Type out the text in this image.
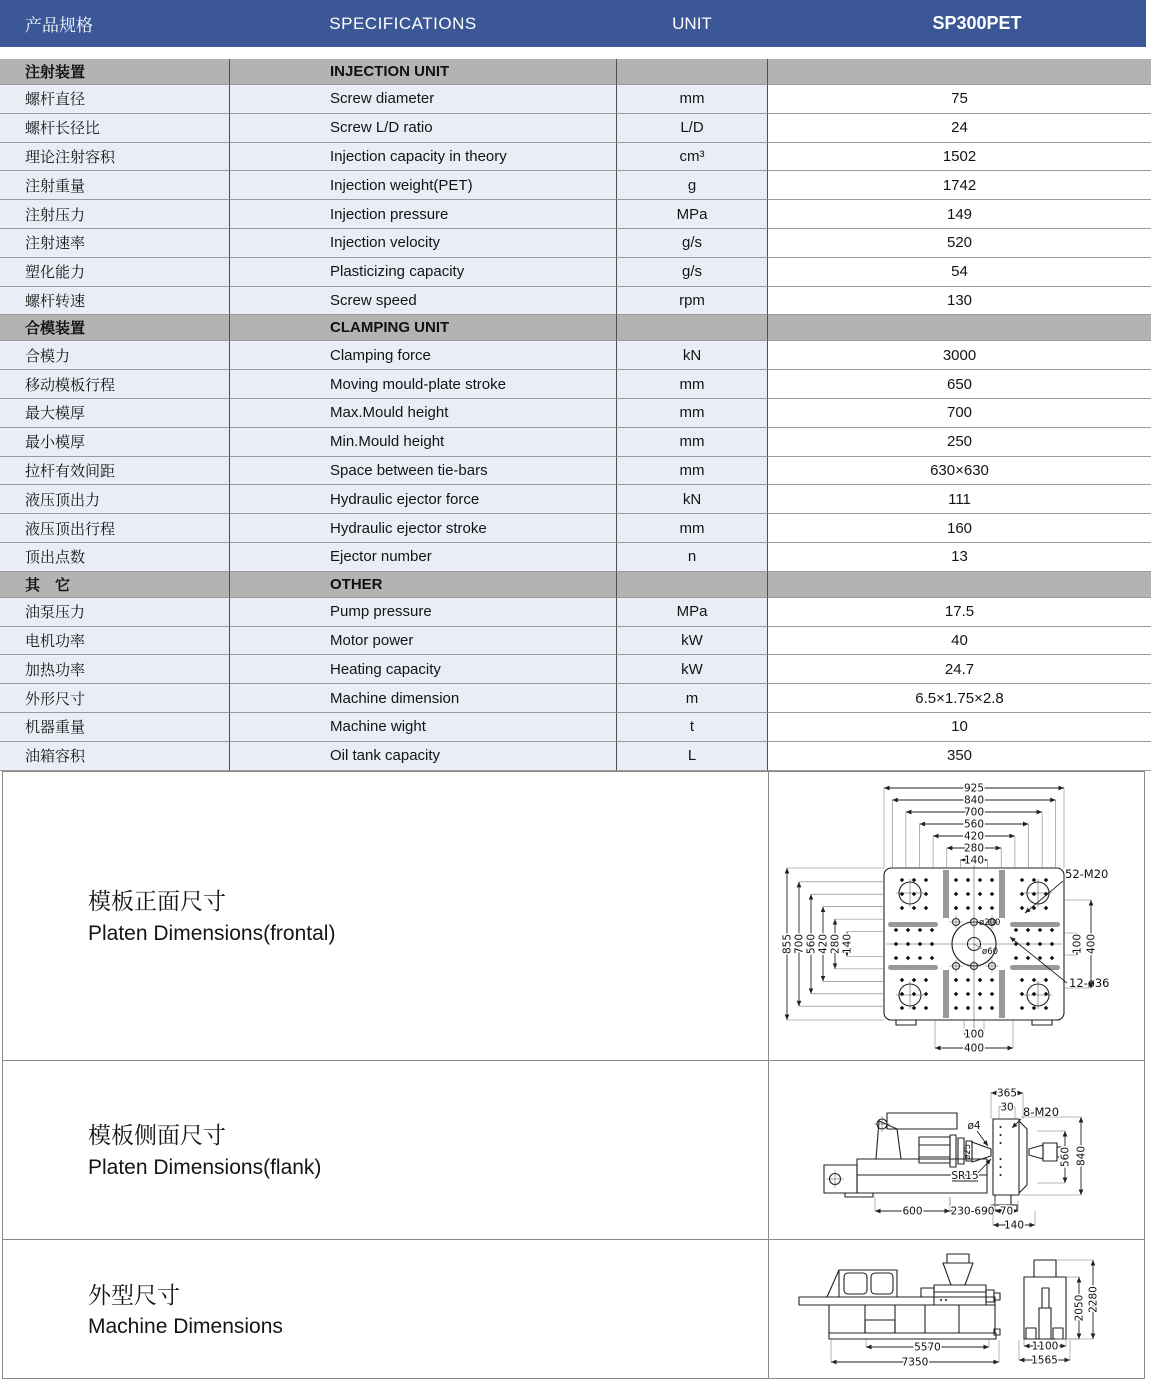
产品规格	SPECIFICATIONS	UNIT	SP300PET
注射装置	INJECTION UNIT
螺杆直径	Screw diameter	mm	75
螺杆长径比	Screw L/D ratio	L/D	24
理论注射容积	Injection capacity in theory	cm³	1502
注射重量	Injection weight(PET)	g	1742
注射压力	Injection pressure	MPa	149
注射速率	Injection velocity	g/s	520
塑化能力	Plasticizing capacity	g/s	54
螺杆转速	Screw speed	rpm	130
合模装置	CLAMPING UNIT
合模力	Clamping force	kN	3000
移动模板行程	Moving mould-plate stroke	mm	650
最大模厚	Max.Mould height	mm	700
最小模厚	Min.Mould height	mm	250
拉杆有效间距	Space between tie-bars	mm	630×630
液压顶出力	Hydraulic ejector force	kN	111
液压顶出行程	Hydraulic ejector stroke	mm	160
顶出点数	Ejector number	n	13
其　它	OTHER
油泵压力	Pump pressure	MPa	17.5
电机功率	Motor power	kW	40
加热功率	Heating capacity	kW	24.7
外形尺寸	Machine dimension	m	6.5×1.75×2.8
机器重量	Machine wight	t	10
油箱容积	Oil tank capacity	L	350
模板正面尺寸
Platen Dimensions(frontal)
925
840
700
560
420
280
140
855 700 560 420 280 140	100 400
100
400
52-M20
12-ø36
ø200
ø60
模板侧面尺寸
Platen Dimensions(flank)
365
30
600	230-690 70
140
560 840
8-M20
ø4
SR15
ø25
外型尺寸
Machine Dimensions
5570
7350
1100
1565
2050 2280
